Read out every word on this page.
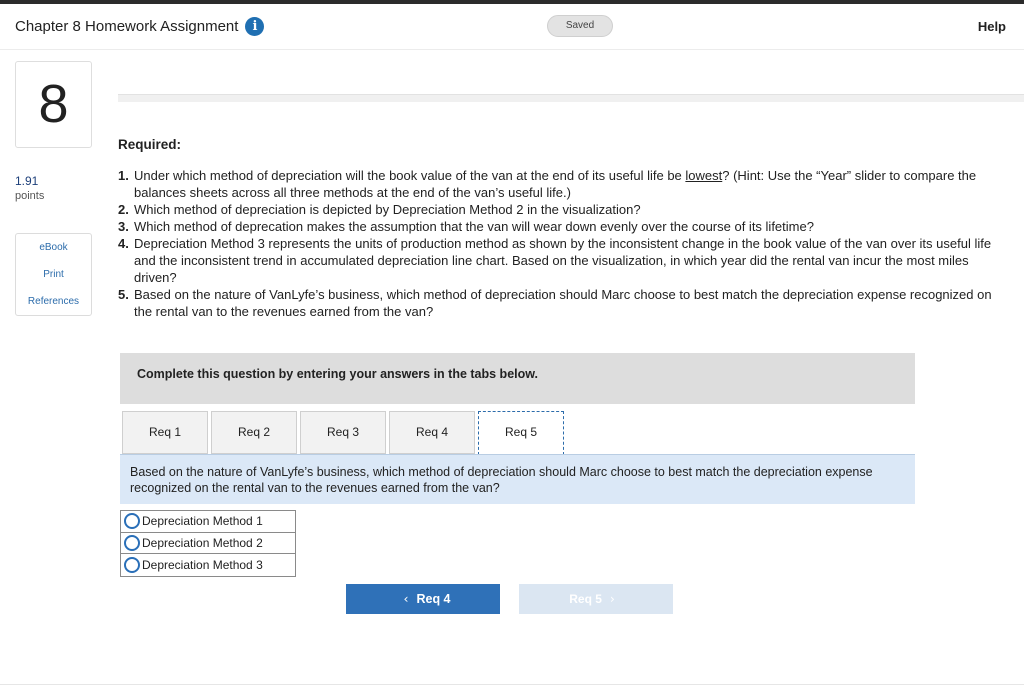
Chapter 8 Homework Assignment	i	Saved	Help
8
1.91
points
eBook
Print
References
Required:
1. Under which method of depreciation will the book value of the van at the end of its useful life be lowest? (Hint: Use the “Year” slider to compare the balances sheets across all three methods at the end of the van’s useful life.)
2. Which method of depreciation is depicted by Depreciation Method 2 in the visualization?
3. Which method of deprecation makes the assumption that the van will wear down evenly over the course of its lifetime?
4. Depreciation Method 3 represents the units of production method as shown by the inconsistent change in the book value of the van over its useful life and the inconsistent trend in accumulated depreciation line chart. Based on the visualization, in which year did the rental van incur the most miles driven?
5. Based on the nature of VanLyfe’s business, which method of depreciation should Marc choose to best match the depreciation expense recognized on the rental van to the revenues earned from the van?
Complete this question by entering your answers in the tabs below.
Req 1	Req 2	Req 3	Req 4	Req 5
Based on the nature of VanLyfe’s business, which method of depreciation should Marc choose to best match the depreciation expense recognized on the rental van to the revenues earned from the van?
Depreciation Method 1
Depreciation Method 2
Depreciation Method 3
‹ Req 4	Req 5 ›
